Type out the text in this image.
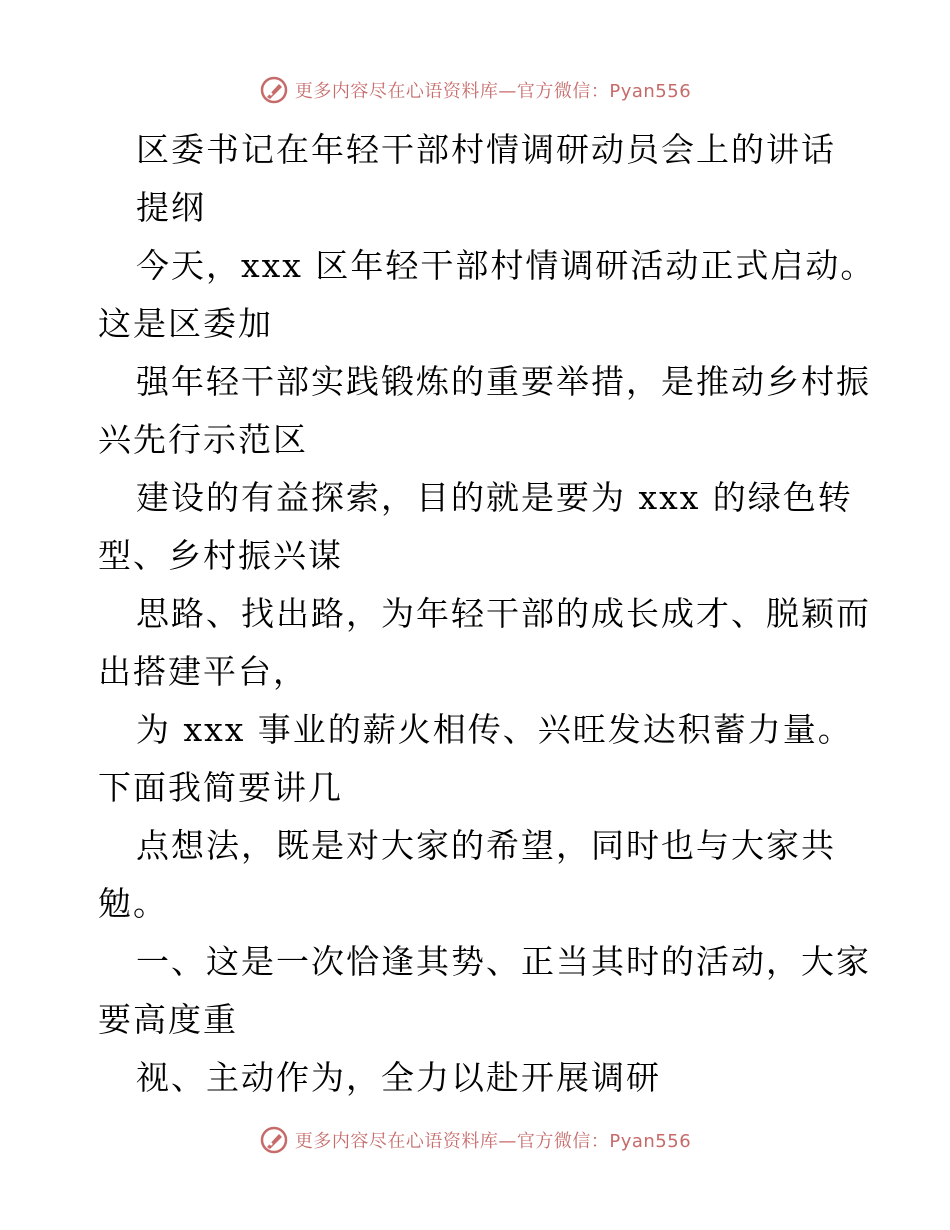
更多内容尽在心语资料库—官方微信：Pyan556
区委书记在年轻干部村情调研动员会上的讲话
提纲
今天，xxx 区年轻干部村情调研活动正式启动。
这是区委加
强年轻干部实践锻炼的重要举措，是推动乡村振
兴先行示范区
建设的有益探索，目的就是要为 xxx 的绿色转
型、乡村振兴谋
思路、找出路，为年轻干部的成长成才、脱颖而
出搭建平台，
为 xxx 事业的薪火相传、兴旺发达积蓄力量。
下面我简要讲几
点想法，既是对大家的希望，同时也与大家共
勉。
一、这是一次恰逢其势、正当其时的活动，大家
要高度重
视、主动作为，全力以赴开展调研
更多内容尽在心语资料库—官方微信：Pyan556
